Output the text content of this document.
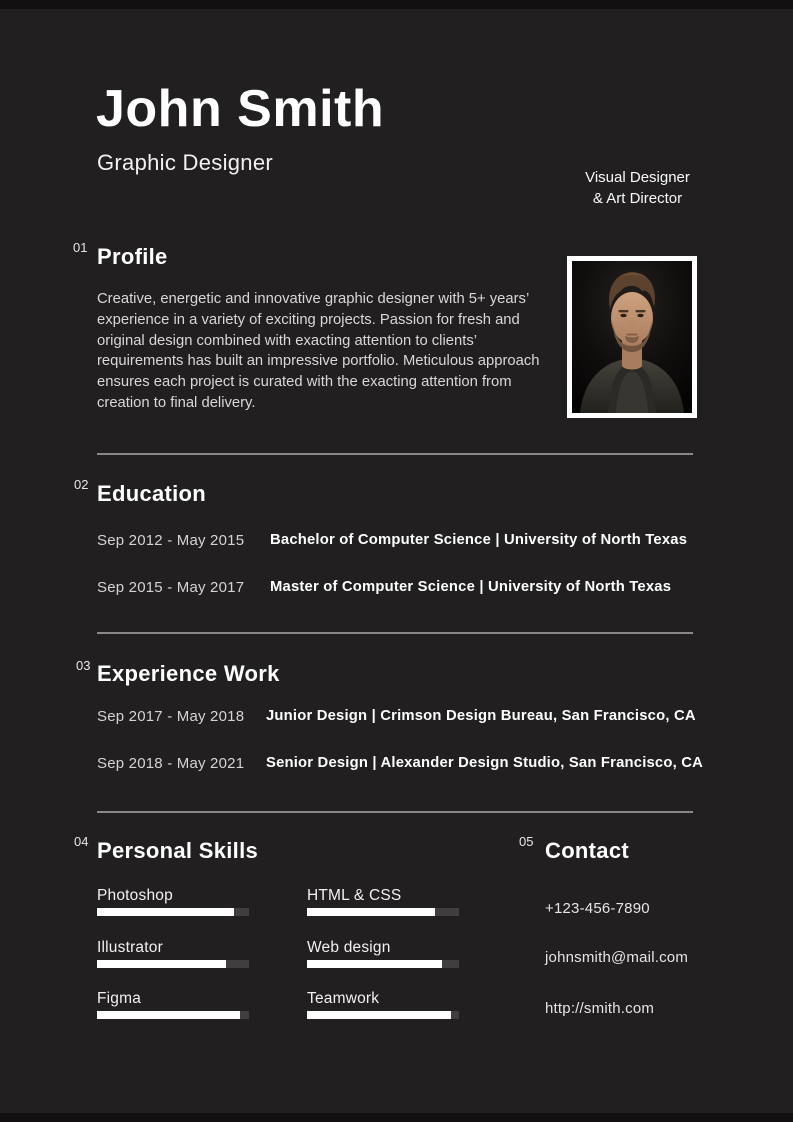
John Smith
Graphic Designer
Visual Designer
& Art Director
01 Profile

Creative, energetic and innovative graphic designer with 5+ years’ experience in a variety of exciting projects. Passion for fresh and original design combined with exacting attention to clients’ requirements has built an impressive portfolio. Meticulous approach ensures each project is curated with the exacting attention from creation to final delivery.

02 Education
Sep 2012 - May 2015 Bachelor of Computer Science | University of North Texas
Sep 2015 - May 2017 Master of Computer Science | University of North Texas
03 Experience Work
Sep 2017 - May 2018 Junior Design | Crimson Design Bureau, San Francisco, CA
Sep 2018 - May 2021 Senior Design | Alexander Design Studio, San Francisco, CA
04 Personal Skills
Photoshop
Illustrator
Figma
HTML & CSS
Web design
Teamwork
05 Contact
+123-456-7890
johnsmith@mail.com
http://smith.com
